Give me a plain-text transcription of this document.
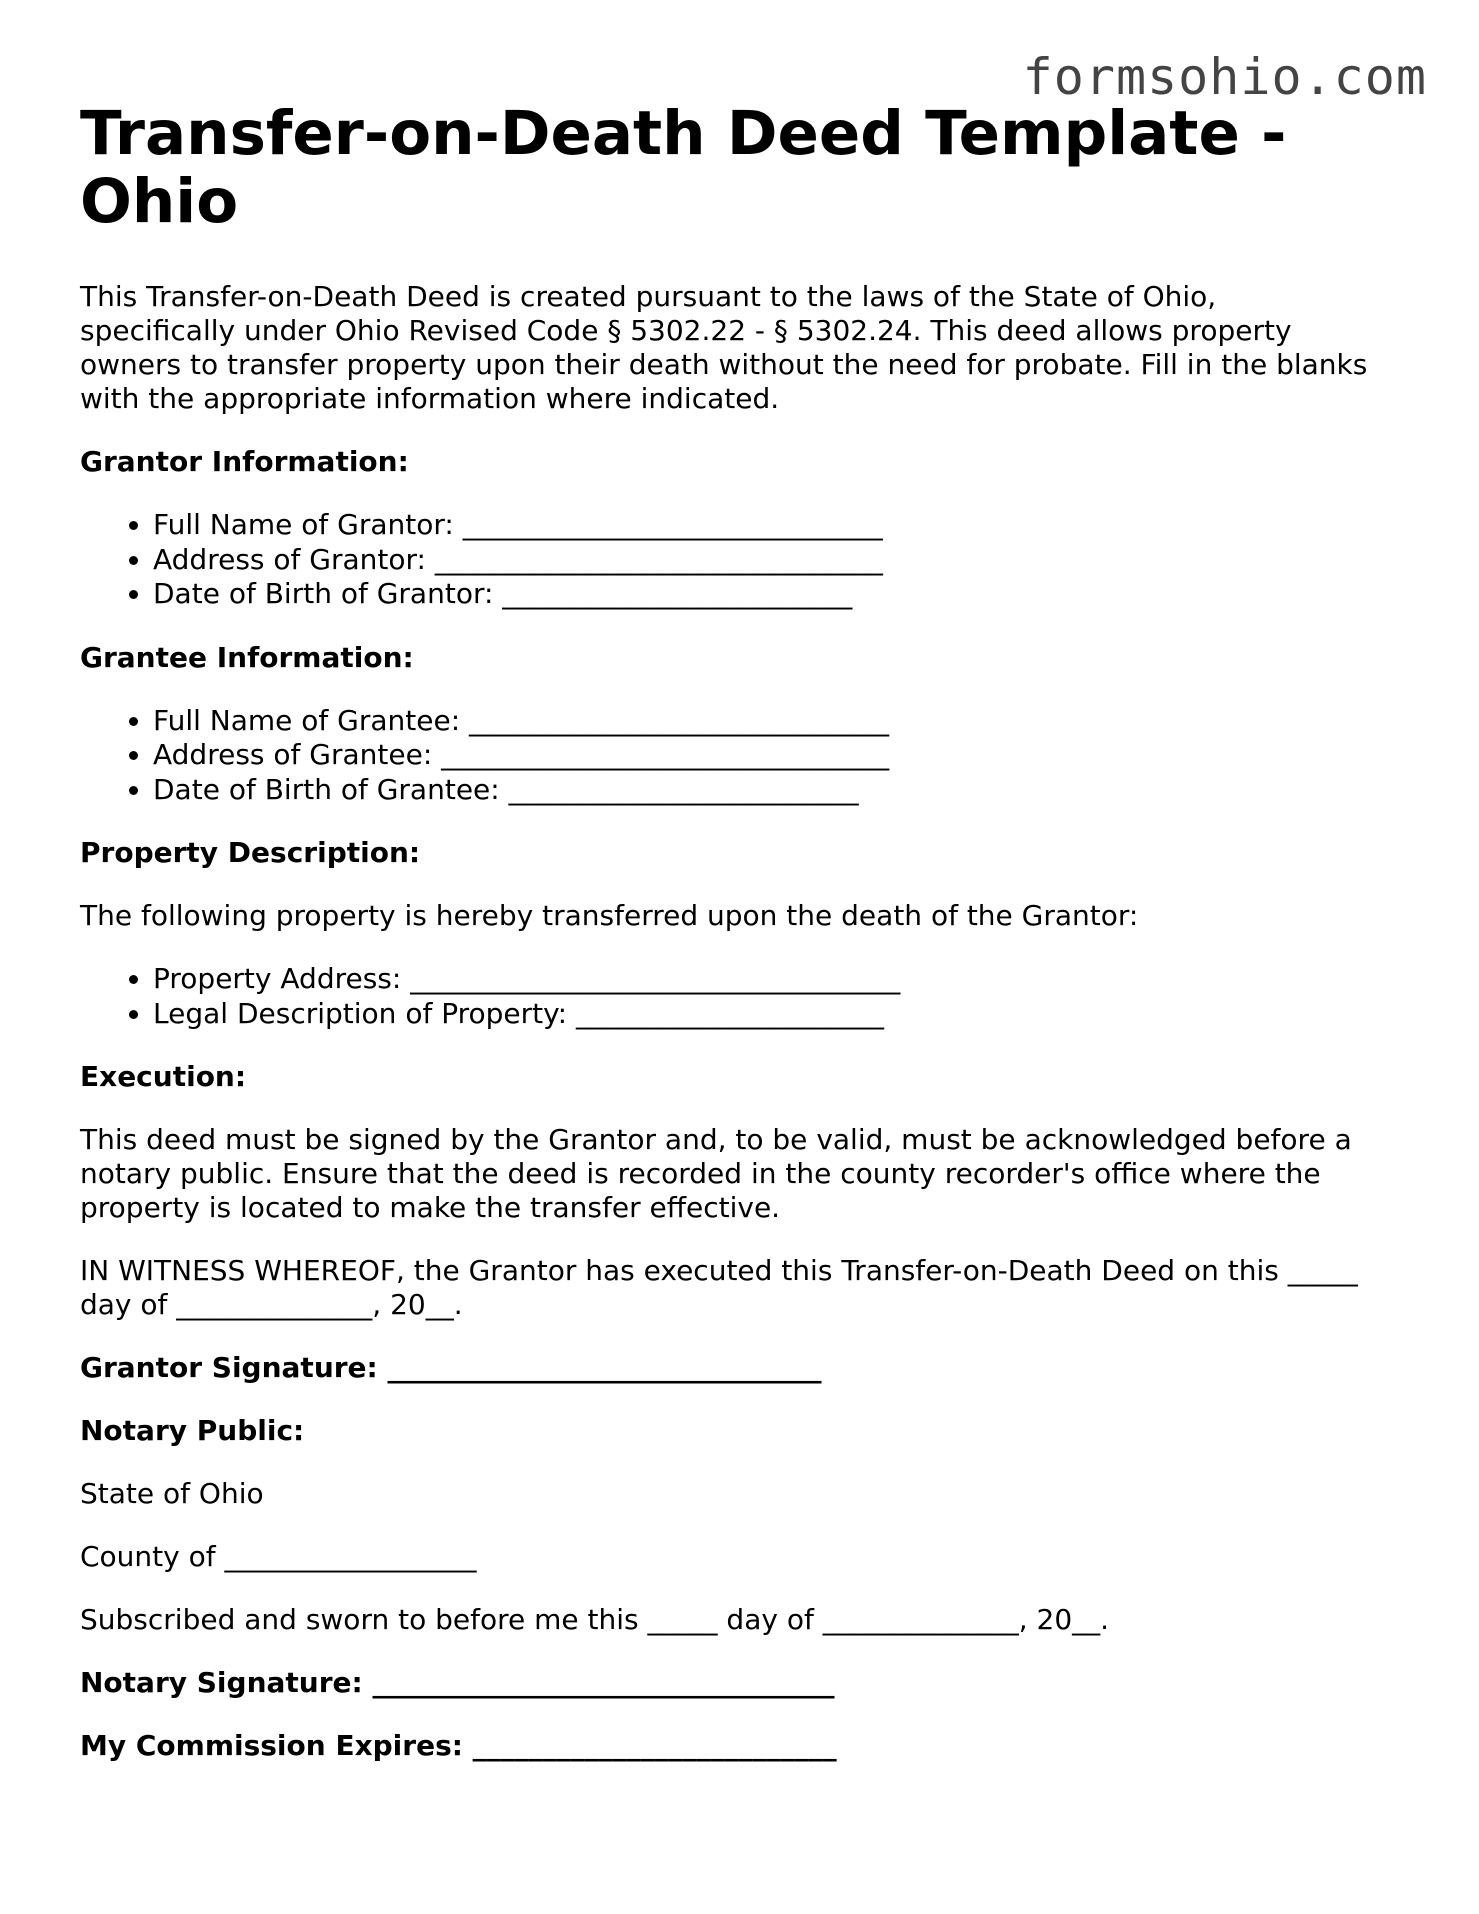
formsohio.com
Transfer-on-Death Deed Template - Ohio

This Transfer-on-Death Deed is created pursuant to the laws of the State of Ohio, specifically under Ohio Revised Code § 5302.22 - § 5302.24. This deed allows property owners to transfer property upon their death without the need for probate. Fill in the blanks with the appropriate information where indicated.

Grantor Information:

• Full Name of Grantor: ______________________________
• Address of Grantor: ________________________________
• Date of Birth of Grantor: _________________________

Grantee Information:

• Full Name of Grantee: ______________________________
• Address of Grantee: ________________________________
• Date of Birth of Grantee: _________________________

Property Description:

The following property is hereby transferred upon the death of the Grantor:

• Property Address: ___________________________________
• Legal Description of Property: ______________________

Execution:

This deed must be signed by the Grantor and, to be valid, must be acknowledged before a notary public. Ensure that the deed is recorded in the county recorder's office where the property is located to make the transfer effective.

IN WITNESS WHEREOF, the Grantor has executed this Transfer-on-Death Deed on this _____ day of ______________, 20__.

Grantor Signature: _______________________________

Notary Public:

State of Ohio

County of __________________

Subscribed and sworn to before me this _____ day of ______________, 20__.

Notary Signature: _________________________________

My Commission Expires: __________________________
